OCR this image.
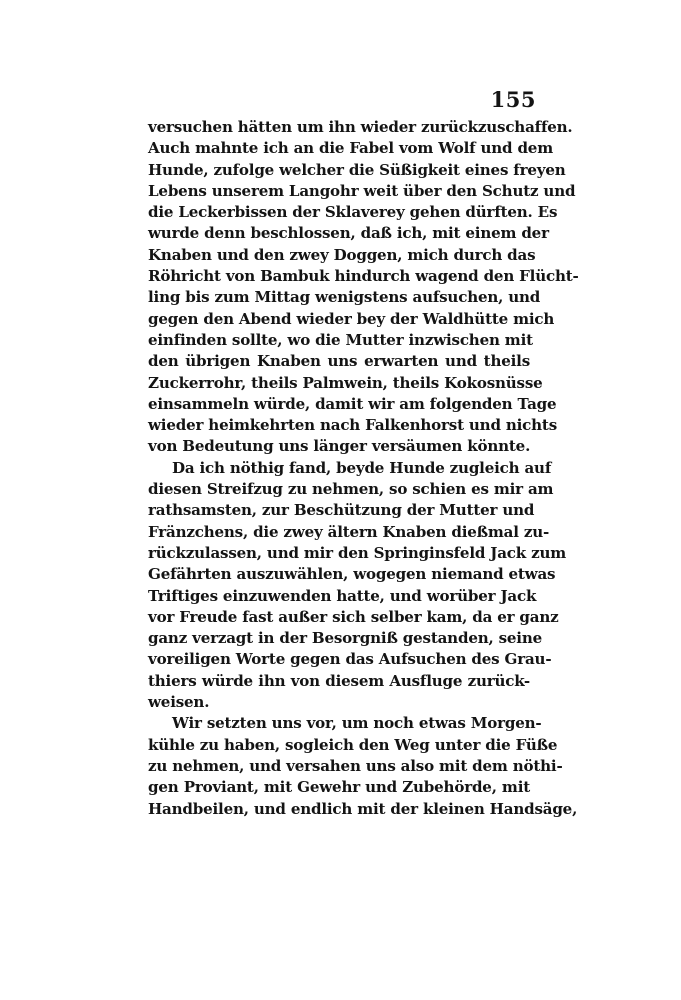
155
versuchen hätten um ihn wieder zurückzuschaffen.
Auch mahnte ich an die Fabel vom Wolf und dem
Hunde, zufolge welcher die Süßigkeit eines freyen
Lebens unserem Langohr weit über den Schutz und
die Leckerbissen der Sklaverey gehen dürften. Es
wurde denn beschlossen, daß ich, mit einem der
Knaben und den zwey Doggen, mich durch das
Röhricht von Bambuk hindurch wagend den Flücht-
ling bis zum Mittag wenigstens aufsuchen, und
gegen den Abend wieder bey der Waldhütte mich
einfinden sollte, wo die Mutter inzwischen mit
den übrigen Knaben uns erwarten und theils
Zuckerrohr, theils Palmwein, theils Kokosnüsse
einsammeln würde, damit wir am folgenden Tage
wieder heimkehrten nach Falkenhorst und nichts
von Bedeutung uns länger versäumen könnte.
Da ich nöthig fand, beyde Hunde zugleich auf
diesen Streifzug zu nehmen, so schien es mir am
rathsamsten, zur Beschützung der Mutter und
Fränzchens, die zwey ältern Knaben dießmal zu-
rückzulassen, und mir den Springinsfeld Jack zum
Gefährten auszuwählen, wogegen niemand etwas
Triftiges einzuwenden hatte, und worüber Jack
vor Freude fast außer sich selber kam, da er ganz
ganz verzagt in der Besorgniß gestanden, seine
voreiligen Worte gegen das Aufsuchen des Grau-
thiers würde ihn von diesem Ausfluge zurück-
weisen.
Wir setzten uns vor, um noch etwas Morgen-
kühle zu haben, sogleich den Weg unter die Füße
zu nehmen, und versahen uns also mit dem nöthi-
gen Proviant, mit Gewehr und Zubehörde, mit
Handbeilen, und endlich mit der kleinen Handsäge,
